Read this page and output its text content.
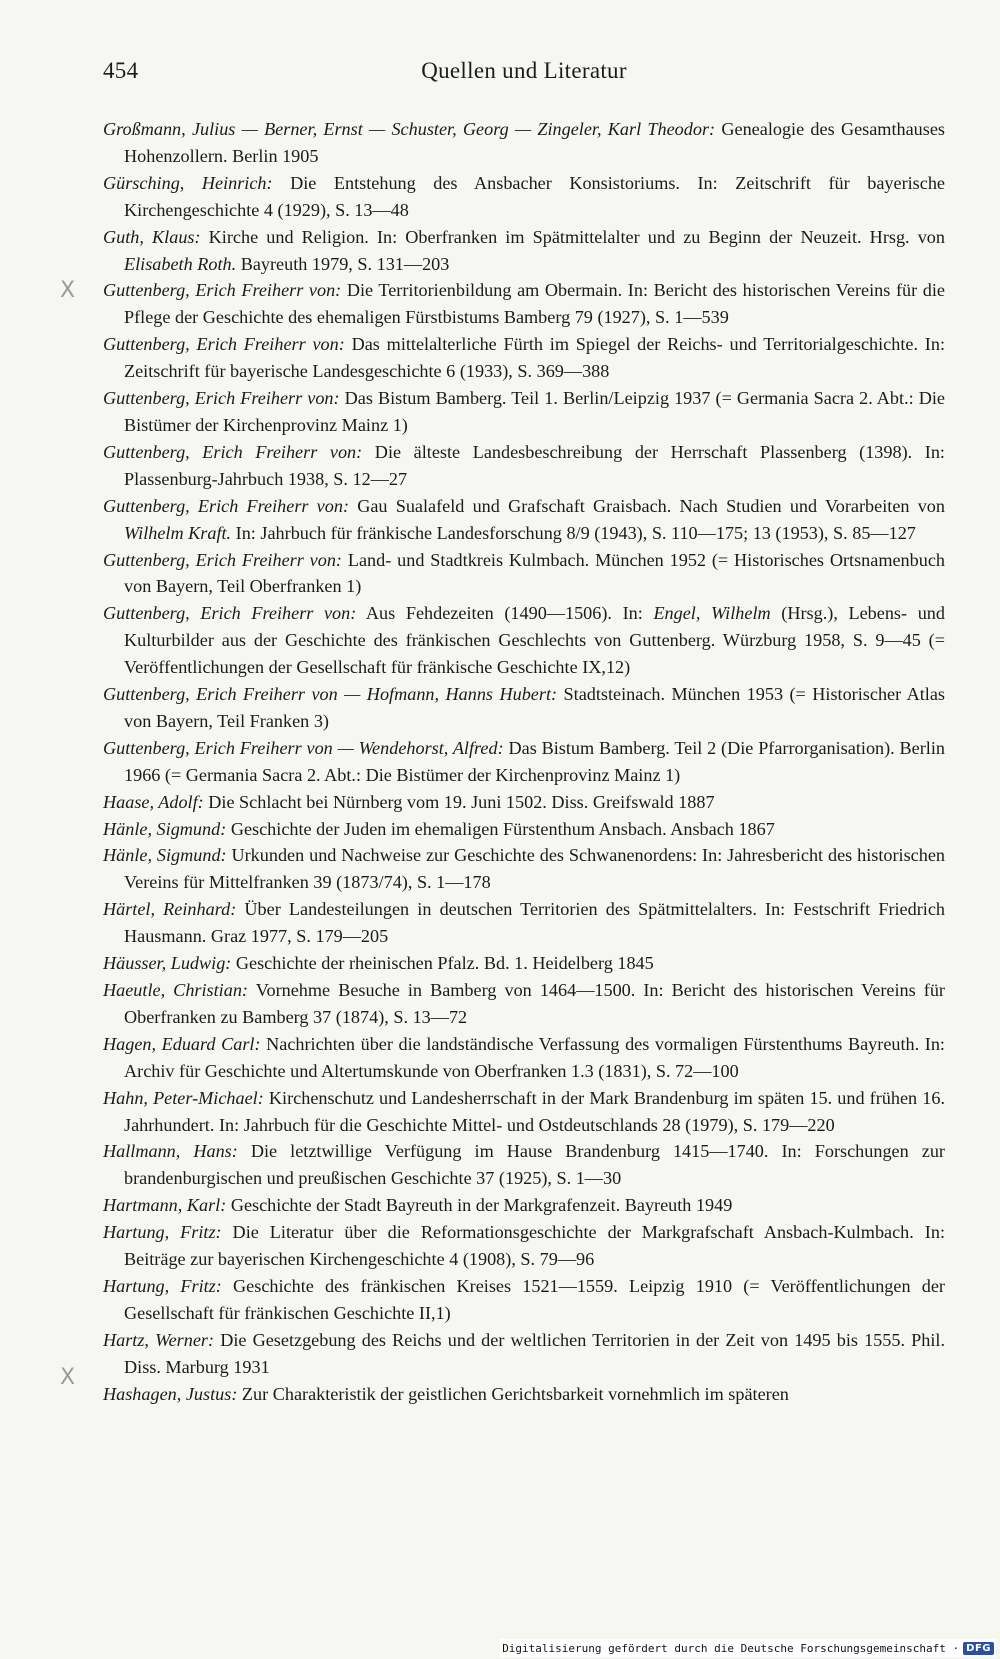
454	Quellen und Literatur
X
X

Großmann, Julius — Berner, Ernst — Schuster, Georg — Zingeler, Karl Theodor: Genealogie des Gesamthauses Hohenzollern. Berlin 1905

Gürsching, Heinrich: Die Entstehung des Ansbacher Konsistoriums. In: Zeitschrift für bayerische Kirchengeschichte 4 (1929), S. 13—48

Guth, Klaus: Kirche und Religion. In: Oberfranken im Spätmittelalter und zu Beginn der Neuzeit. Hrsg. von Elisabeth Roth. Bayreuth 1979, S. 131—203

Guttenberg, Erich Freiherr von: Die Territorienbildung am Obermain. In: Bericht des historischen Vereins für die Pflege der Geschichte des ehemaligen Fürstbistums Bamberg 79 (1927), S. 1—539

Guttenberg, Erich Freiherr von: Das mittelalterliche Fürth im Spiegel der Reichs- und Territorialgeschichte. In: Zeitschrift für bayerische Landesgeschichte 6 (1933), S. 369—388

Guttenberg, Erich Freiherr von: Das Bistum Bamberg. Teil 1. Berlin/Leipzig 1937 (= Germania Sacra 2. Abt.: Die Bistümer der Kirchenprovinz Mainz 1)

Guttenberg, Erich Freiherr von: Die älteste Landesbeschreibung der Herrschaft Plassenberg (1398). In: Plassenburg-Jahrbuch 1938, S. 12—27

Guttenberg, Erich Freiherr von: Gau Sualafeld und Grafschaft Graisbach. Nach Studien und Vorarbeiten von Wilhelm Kraft. In: Jahrbuch für fränkische Landesforschung 8/9 (1943), S. 110—175; 13 (1953), S. 85—127

Guttenberg, Erich Freiherr von: Land- und Stadtkreis Kulmbach. München 1952 (= Historisches Ortsnamenbuch von Bayern, Teil Oberfranken 1)

Guttenberg, Erich Freiherr von: Aus Fehdezeiten (1490—1506). In: Engel, Wilhelm (Hrsg.), Lebens- und Kulturbilder aus der Geschichte des fränkischen Geschlechts von Guttenberg. Würzburg 1958, S. 9—45 (= Veröffentlichungen der Gesellschaft für fränkische Geschichte IX,12)

Guttenberg, Erich Freiherr von — Hofmann, Hanns Hubert: Stadtsteinach. München 1953 (= Historischer Atlas von Bayern, Teil Franken 3)

Guttenberg, Erich Freiherr von — Wendehorst, Alfred: Das Bistum Bamberg. Teil 2 (Die Pfarrorganisation). Berlin 1966 (= Germania Sacra 2. Abt.: Die Bistümer der Kirchenprovinz Mainz 1)

Haase, Adolf: Die Schlacht bei Nürnberg vom 19. Juni 1502. Diss. Greifswald 1887

Hänle, Sigmund: Geschichte der Juden im ehemaligen Fürstenthum Ansbach. Ansbach 1867

Hänle, Sigmund: Urkunden und Nachweise zur Geschichte des Schwanenordens: In: Jahresbericht des historischen Vereins für Mittelfranken 39 (1873/74), S. 1—178

Härtel, Reinhard: Über Landesteilungen in deutschen Territorien des Spätmittelalters. In: Festschrift Friedrich Hausmann. Graz 1977, S. 179—205

Häusser, Ludwig: Geschichte der rheinischen Pfalz. Bd. 1. Heidelberg 1845

Haeutle, Christian: Vornehme Besuche in Bamberg von 1464—1500. In: Bericht des historischen Vereins für Oberfranken zu Bamberg 37 (1874), S. 13—72

Hagen, Eduard Carl: Nachrichten über die landständische Verfassung des vormaligen Fürstenthums Bayreuth. In: Archiv für Geschichte und Altertumskunde von Oberfranken 1.3 (1831), S. 72—100

Hahn, Peter-Michael: Kirchenschutz und Landesherrschaft in der Mark Brandenburg im späten 15. und frühen 16. Jahrhundert. In: Jahrbuch für die Geschichte Mittel- und Ostdeutschlands 28 (1979), S. 179—220

Hallmann, Hans: Die letztwillige Verfügung im Hause Brandenburg 1415—1740. In: Forschungen zur brandenburgischen und preußischen Geschichte 37 (1925), S. 1—30

Hartmann, Karl: Geschichte der Stadt Bayreuth in der Markgrafenzeit. Bayreuth 1949

Hartung, Fritz: Die Literatur über die Reformationsgeschichte der Markgrafschaft Ansbach-Kulmbach. In: Beiträge zur bayerischen Kirchengeschichte 4 (1908), S. 79—96

Hartung, Fritz: Geschichte des fränkischen Kreises 1521—1559. Leipzig 1910 (= Veröffentlichungen der Gesellschaft für fränkischen Geschichte II,1)

Hartz, Werner: Die Gesetzgebung des Reichs und der weltlichen Territorien in der Zeit von 1495 bis 1555. Phil. Diss. Marburg 1931

Hashagen, Justus: Zur Charakteristik der geistlichen Gerichtsbarkeit vornehmlich im späteren

Digitalisierung gefördert durch die Deutsche Forschungsgemeinschaft · DFG
